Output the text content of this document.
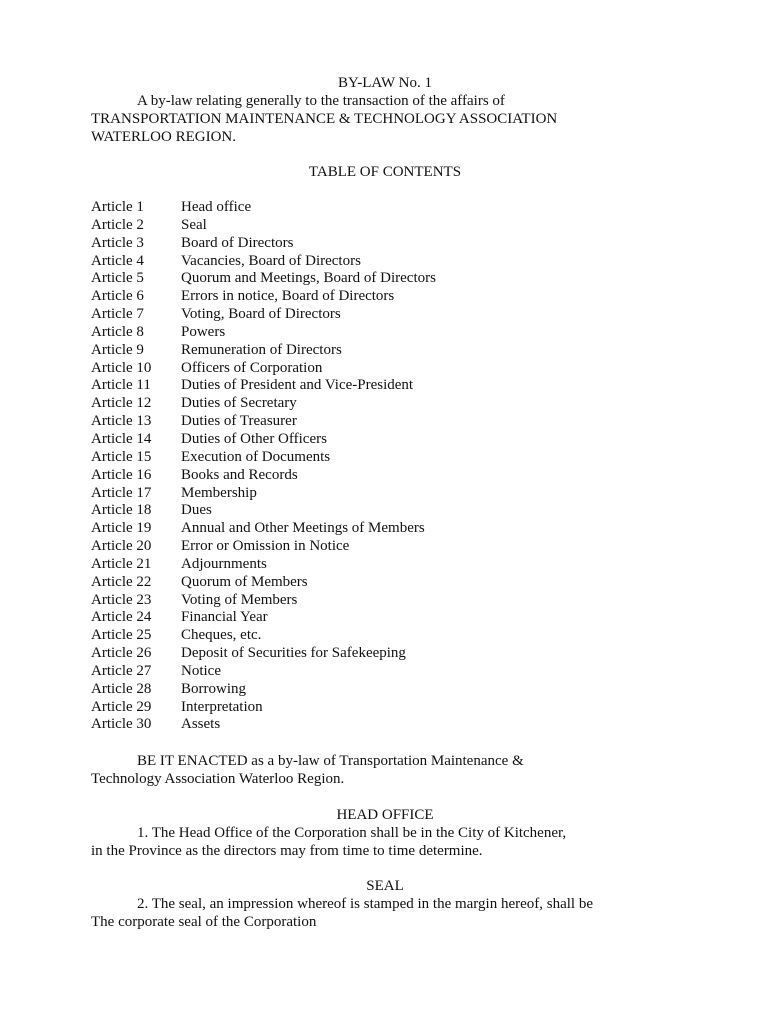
BY-LAW No. 1
A by-law relating generally to the transaction of the affairs of
TRANSPORTATION MAINTENANCE & TECHNOLOGY ASSOCIATION
WATERLOO REGION.
TABLE OF CONTENTS
Article 1	Head office
Article 2	Seal
Article 3	Board of Directors
Article 4	Vacancies, Board of Directors
Article 5	Quorum and Meetings, Board of Directors
Article 6	Errors in notice, Board of Directors
Article 7	Voting, Board of Directors
Article 8	Powers
Article 9	Remuneration of Directors
Article 10	Officers of Corporation
Article 11	Duties of President and Vice-President
Article 12	Duties of Secretary
Article 13	Duties of Treasurer
Article 14	Duties of Other Officers
Article 15	Execution of Documents
Article 16	Books and Records
Article 17	Membership
Article 18	Dues
Article 19	Annual and Other Meetings of Members
Article 20	Error or Omission in Notice
Article 21	Adjournments
Article 22	Quorum of Members
Article 23	Voting of Members
Article 24	Financial Year
Article 25	Cheques, etc.
Article 26	Deposit of Securities for Safekeeping
Article 27	Notice
Article 28	Borrowing
Article 29	Interpretation
Article 30	Assets
BE IT ENACTED as a by-law of Transportation Maintenance &
Technology Association Waterloo Region.
HEAD OFFICE
1. The Head Office of the Corporation shall be in the City of Kitchener,
in the Province as the directors may from time to time determine.
SEAL
2. The seal, an impression whereof is stamped in the margin hereof, shall be
The corporate seal of the Corporation
